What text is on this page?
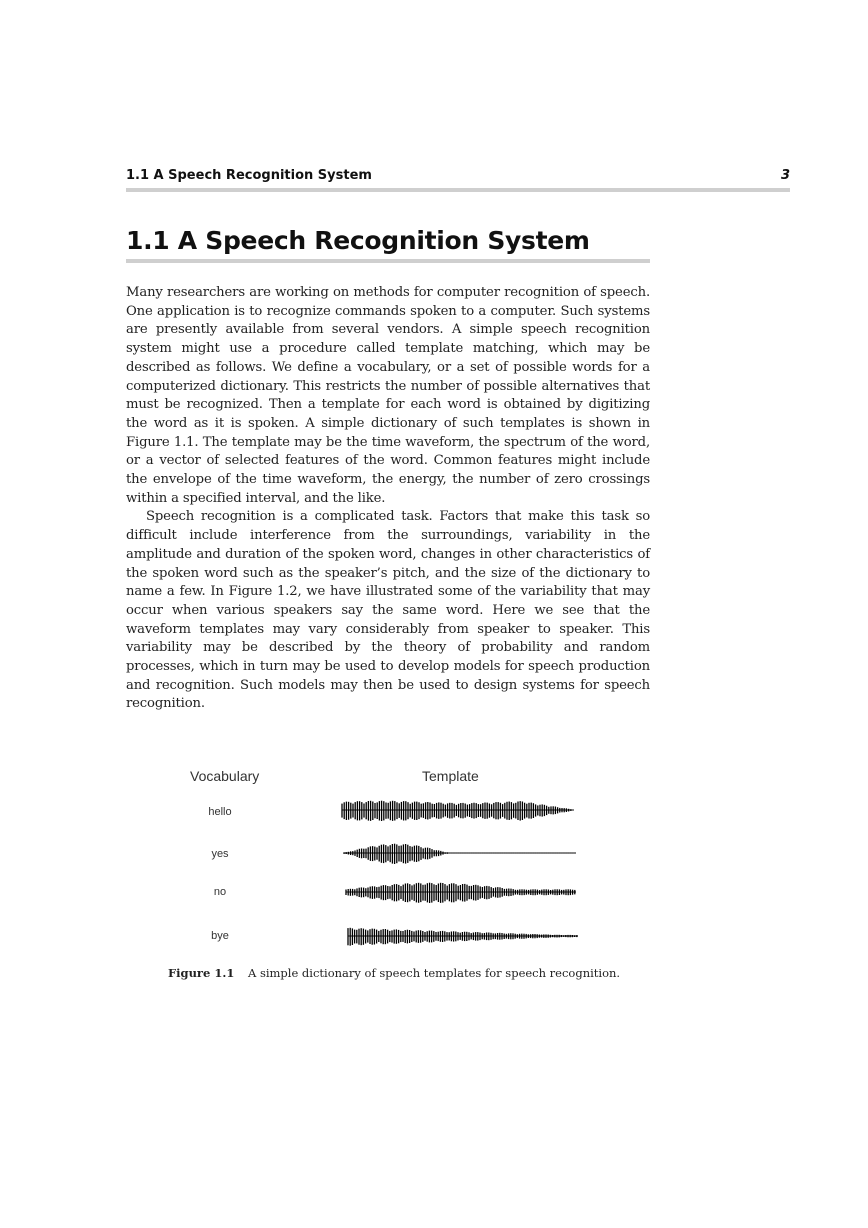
1.1 A Speech Recognition System	3
1.1 A Speech Recognition System

Many researchers are working on methods for computer recognition of speech. One application is to recognize commands spoken to a computer. Such systems are presently available from several vendors. A simple speech recognition system might use a procedure called template matching, which may be described as follows. We define a vocabulary, or a set of possible words for a computerized dictionary. This restricts the number of possible alternatives that must be recognized. Then a template for each word is obtained by digitizing the word as it is spoken. A simple dictionary of such templates is shown in Figure 1.1. The template may be the time waveform, the spectrum of the word, or a vector of selected features of the word. Common features might include the envelope of the time waveform, the energy, the number of zero crossings within a specified interval, and the like.

Speech recognition is a complicated task. Factors that make this task so difficult include interference from the surroundings, variability in the amplitude and duration of the spoken word, changes in other characteristics of the spoken word such as the speaker’s pitch, and the size of the dictionary to name a few. In Figure 1.2, we have illustrated some of the variability that may occur when various speakers say the same word. Here we see that the waveform templates may vary considerably from speaker to speaker. This variability may be described by the theory of probability and random processes, which in turn may be used to develop models for speech production and recognition. Such models may then be used to design systems for speech recognition.

Vocabulary	Template
hello
yes
no
bye
Figure 1.1 A simple dictionary of speech templates for speech recognition.
